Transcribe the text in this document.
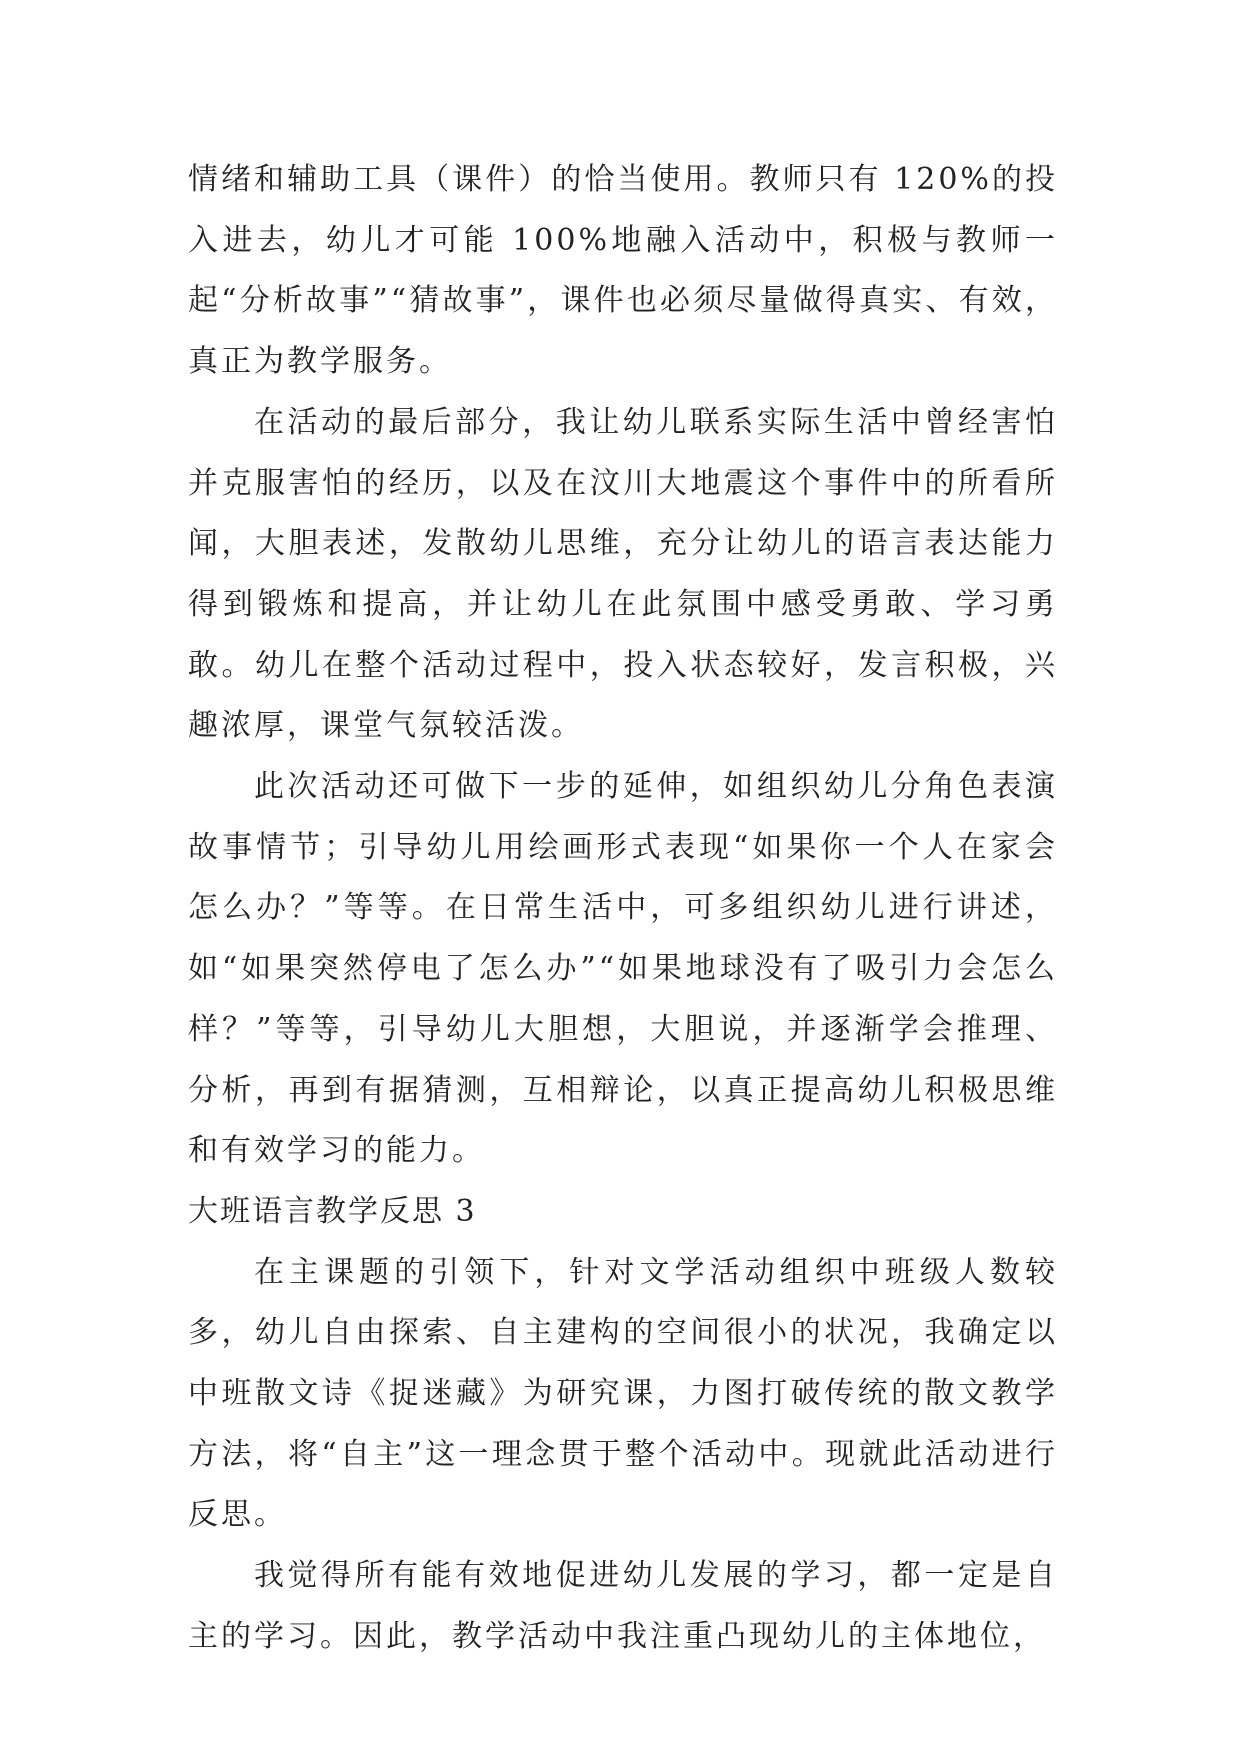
情绪和辅助工具（课件）的恰当使用。教师只有 120%的投入进去，幼儿才可能 100%地融入活动中，积极与教师一起“分析故事”“猜故事”，课件也必须尽量做得真实、有效，真正为教学服务。

在活动的最后部分，我让幼儿联系实际生活中曾经害怕并克服害怕的经历，以及在汶川大地震这个事件中的所看所闻，大胆表述，发散幼儿思维，充分让幼儿的语言表达能力得到锻炼和提高，并让幼儿在此氛围中感受勇敢、学习勇敢。幼儿在整个活动过程中，投入状态较好，发言积极，兴趣浓厚，课堂气氛较活泼。

此次活动还可做下一步的延伸，如组织幼儿分角色表演故事情节；引导幼儿用绘画形式表现“如果你一个人在家会怎么办？”等等。在日常生活中，可多组织幼儿进行讲述，如“如果突然停电了怎么办”“如果地球没有了吸引力会怎么样？”等等，引导幼儿大胆想，大胆说，并逐渐学会推理、分析，再到有据猜测，互相辩论，以真正提高幼儿积极思维和有效学习的能力。

大班语言教学反思 3

在主课题的引领下，针对文学活动组织中班级人数较多，幼儿自由探索、自主建构的空间很小的状况，我确定以中班散文诗《捉迷藏》为研究课，力图打破传统的散文教学方法，将“自主”这一理念贯于整个活动中。现就此活动进行反思。

我觉得所有能有效地促进幼儿发展的学习，都一定是自主的学习。因此，教学活动中我注重凸现幼儿的主体地位，
